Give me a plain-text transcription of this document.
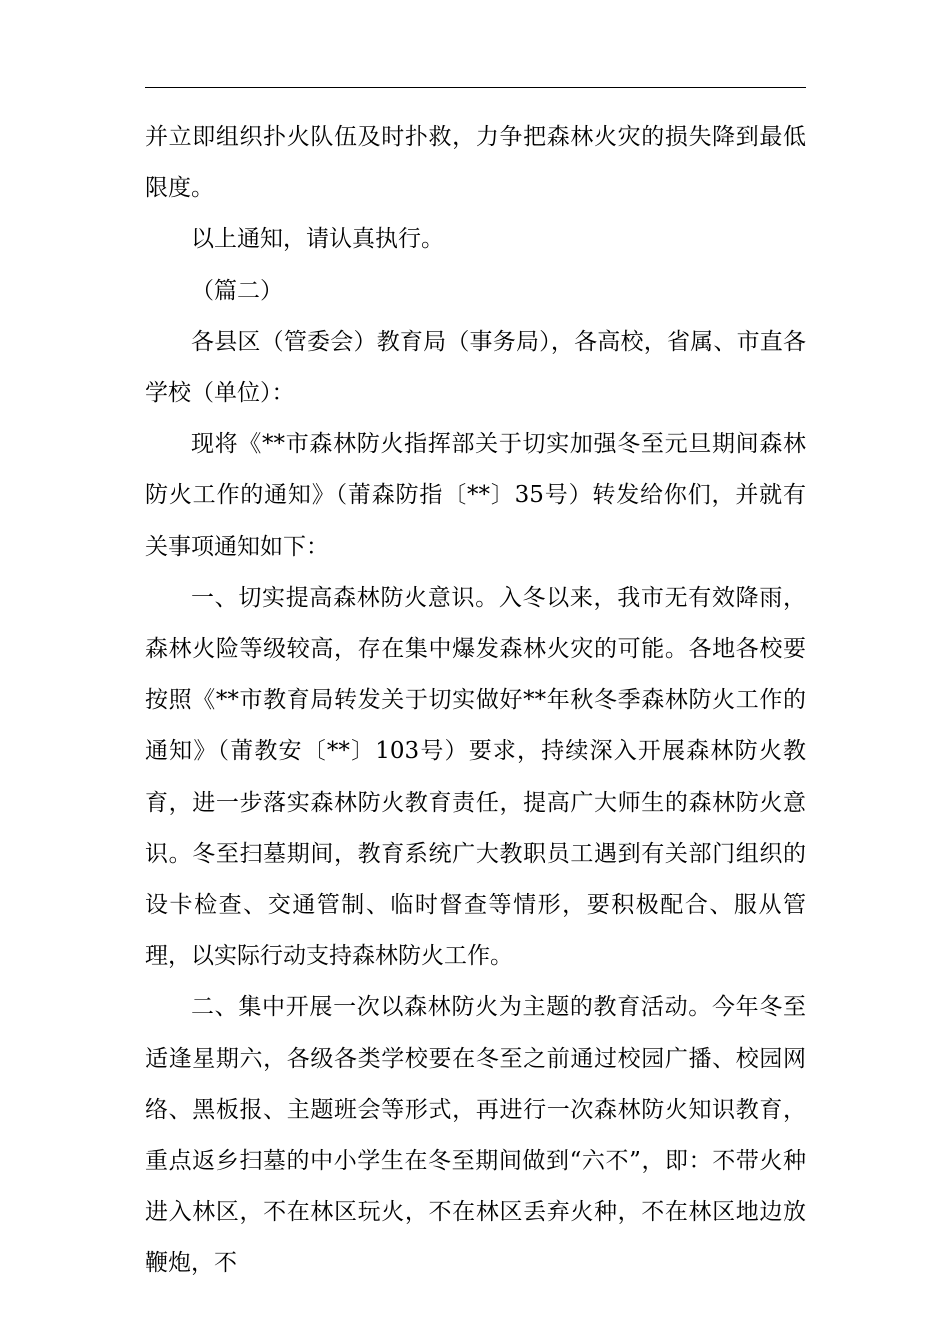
并立即组织扑火队伍及时扑救，力争把森林火灾的损失降到最低限度。

以上通知，请认真执行。

（篇二）

各县区（管委会）教育局（事务局），各高校，省属、市直各学校（单位）：

现将《**市森林防火指挥部关于切实加强冬至元旦期间森林防火工作的通知》（莆森防指〔**〕35号）转发给你们，并就有关事项通知如下：

一、切实提高森林防火意识。入冬以来，我市无有效降雨，森林火险等级较高，存在集中爆发森林火灾的可能。各地各校要按照《**市教育局转发关于切实做好**年秋冬季森林防火工作的通知》（莆教安〔**〕103号）要求，持续深入开展森林防火教育，进一步落实森林防火教育责任，提高广大师生的森林防火意识。冬至扫墓期间，教育系统广大教职员工遇到有关部门组织的设卡检查、交通管制、临时督查等情形，要积极配合、服从管理，以实际行动支持森林防火工作。

二、集中开展一次以森林防火为主题的教育活动。今年冬至适逢星期六，各级各类学校要在冬至之前通过校园广播、校园网络、黑板报、主题班会等形式，再进行一次森林防火知识教育，重点返乡扫墓的中小学生在冬至期间做到“六不”，即：不带火种进入林区，不在林区玩火，不在林区丢弃火种，不在林区地边放鞭炮，不
